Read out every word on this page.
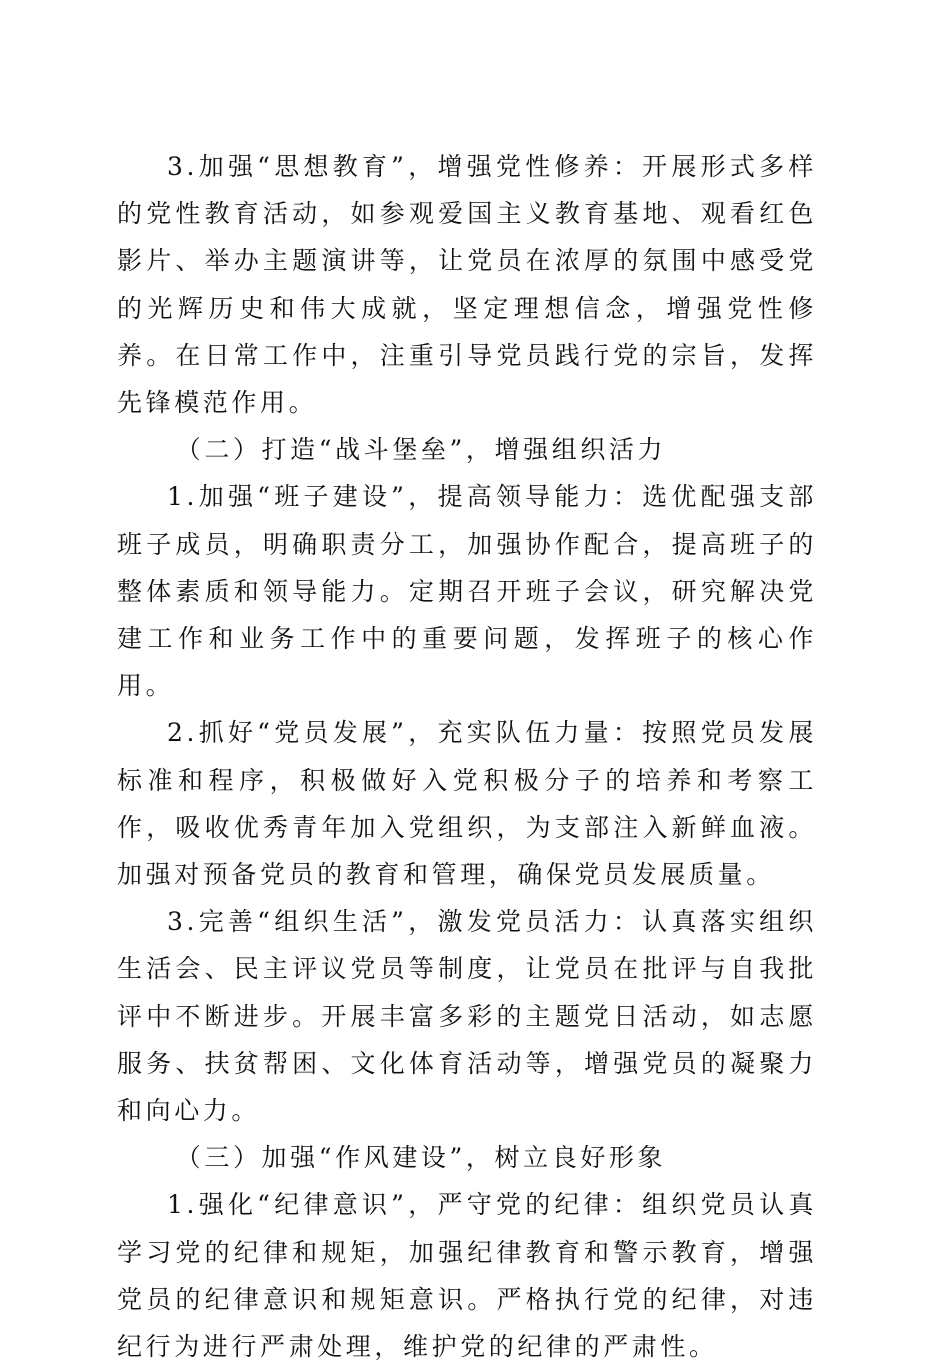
3.加强“思想教育”，增强党性修养：开展形式多样的党性教育活动，如参观爱国主义教育基地、观看红色影片、举办主题演讲等，让党员在浓厚的氛围中感受党的光辉历史和伟大成就，坚定理想信念，增强党性修养。在日常工作中，注重引导党员践行党的宗旨，发挥先锋模范作用。

（二）打造“战斗堡垒”，增强组织活力

1.加强“班子建设”，提高领导能力：选优配强支部班子成员，明确职责分工，加强协作配合，提高班子的整体素质和领导能力。定期召开班子会议，研究解决党建工作和业务工作中的重要问题，发挥班子的核心作用。

2.抓好“党员发展”，充实队伍力量：按照党员发展标准和程序，积极做好入党积极分子的培养和考察工作，吸收优秀青年加入党组织，为支部注入新鲜血液。加强对预备党员的教育和管理，确保党员发展质量。

3.完善“组织生活”，激发党员活力：认真落实组织生活会、民主评议党员等制度，让党员在批评与自我批评中不断进步。开展丰富多彩的主题党日活动，如志愿服务、扶贫帮困、文化体育活动等，增强党员的凝聚力和向心力。

（三）加强“作风建设”，树立良好形象

1.强化“纪律意识”，严守党的纪律：组织党员认真学习党的纪律和规矩，加强纪律教育和警示教育，增强党员的纪律意识和规矩意识。严格执行党的纪律，对违纪行为进行严肃处理，维护党的纪律的严肃性。
